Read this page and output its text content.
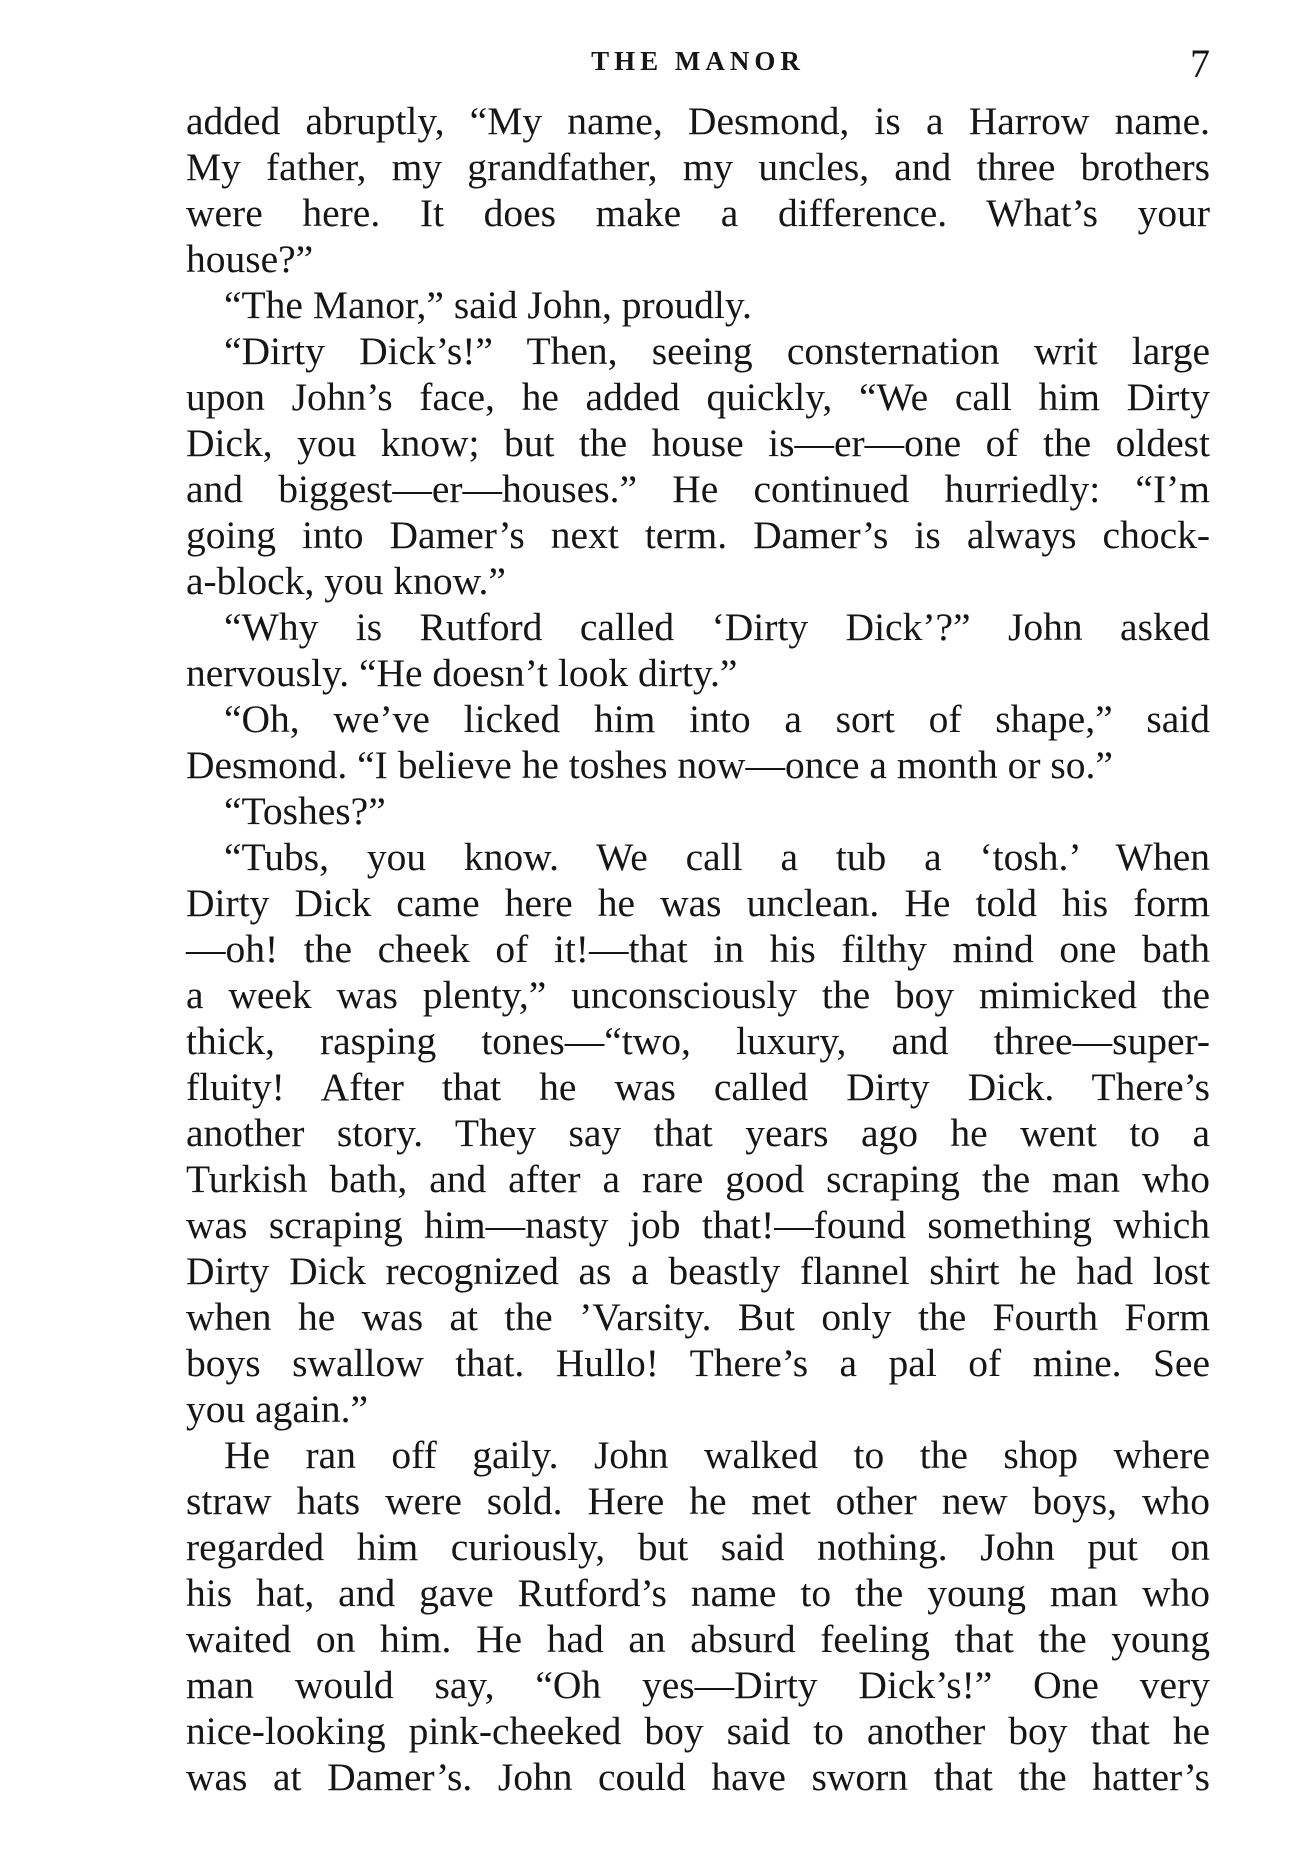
THE MANOR	7

added abruptly, “My name, Desmond, is a Harrow name.

My father, my grandfather, my uncles, and three brothers

were here. It does make a difference. What’s your

house?”

“The Manor,” said John, proudly.

“Dirty Dick’s!” Then, seeing consternation writ large

upon John’s face, he added quickly, “We call him Dirty

Dick, you know; but the house is—er—one of the oldest

and biggest—er—houses.” He continued hurriedly: “I’m

going into Damer’s next term. Damer’s is always chock-

a-block, you know.”

“Why is Rutford called ‘Dirty Dick’?” John asked

nervously. “He doesn’t look dirty.”

“Oh, we’ve licked him into a sort of shape,” said

Desmond. “I believe he toshes now—once a month or so.”

“Toshes?”

“Tubs, you know. We call a tub a ‘tosh.’ When

Dirty Dick came here he was unclean. He told his form

—oh! the cheek of it!—that in his filthy mind one bath

a week was plenty,” unconsciously the boy mimicked the

thick, rasping tones—“two, luxury, and three—super-

fluity! After that he was called Dirty Dick. There’s

another story. They say that years ago he went to a

Turkish bath, and after a rare good scraping the man who

was scraping him—nasty job that!—found something which

Dirty Dick recognized as a beastly flannel shirt he had lost

when he was at the ’Varsity. But only the Fourth Form

boys swallow that. Hullo! There’s a pal of mine. See

you again.”

He ran off gaily. John walked to the shop where

straw hats were sold. Here he met other new boys, who

regarded him curiously, but said nothing. John put on

his hat, and gave Rutford’s name to the young man who

waited on him. He had an absurd feeling that the young

man would say, “Oh yes—Dirty Dick’s!” One very

nice-looking pink-cheeked boy said to another boy that he

was at Damer’s. John could have sworn that the hatter’s
